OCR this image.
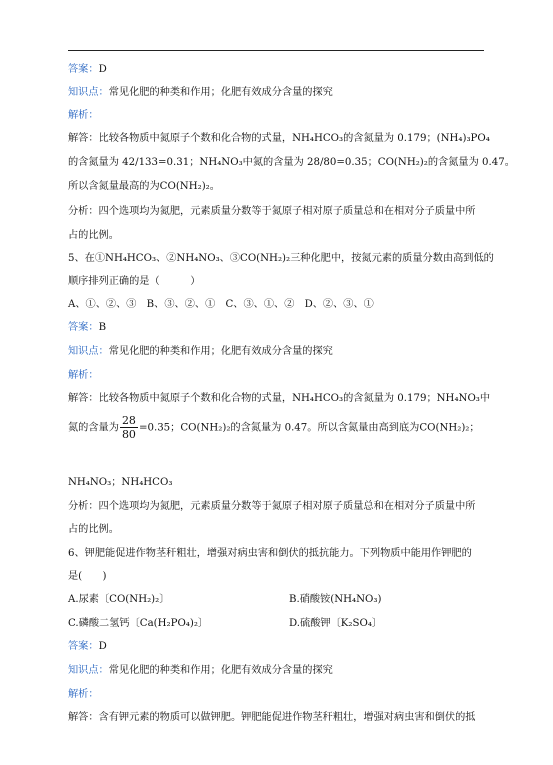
答案：D
知识点：常见化肥的种类和作用；化肥有效成分含量的探究
解析：
解答：比较各物质中氮原子个数和化合物的式量，NH₄HCO₃的含氮量为 0.179；(NH₄)₃PO₄
的含氮量为 42/133=0.31；NH₄NO₃中氮的含量为 28/80=0.35；CO(NH₂)₂的含氮量为 0.47。
所以含氮量最高的为CO(NH₂)₂。
分析：四个选项均为氮肥，元素质量分数等于氮原子相对原子质量总和在相对分子质量中所
占的比例。
5、在①NH₄HCO₃、②NH₄NO₃、③CO(NH₂)₂三种化肥中，按氮元素的质量分数由高到低的
顺序排列正确的是（　　　）
A、①、②、③　B、③、②、①　C、③、①、②　D、②、③、①
答案：B
知识点：常见化肥的种类和作用；化肥有效成分含量的探究
解析：
解答：比较各物质中氮原子个数和化合物的式量，NH₄HCO₃的含氮量为 0.179；NH₄NO₃中
氮的含量为 $\frac{28}{80} =0.35$；CO(NH₂)₂的含氮量为 0.47。所以含氮量由高到底为CO(NH₂)₂；
NH₄NO₃；NH₄HCO₃
分析：四个选项均为氮肥，元素质量分数等于氮原子相对原子质量总和在相对分子质量中所
占的比例。
6、钾肥能促进作物茎秆粗壮，增强对病虫害和倒伏的抵抗能力。下列物质中能用作钾肥的
是(　　)
A.尿素〔CO(NH₂)₂〕	B.硝酸铵(NH₄NO₃)
C.磷酸二氢钙〔Ca(H₂PO₄)₂〕	D.硫酸钾〔K₂SO₄〕
答案：D
知识点：常见化肥的种类和作用；化肥有效成分含量的探究
解析：
解答：含有钾元素的物质可以做钾肥。钾肥能促进作物茎秆粗壮，增强对病虫害和倒伏的抵
